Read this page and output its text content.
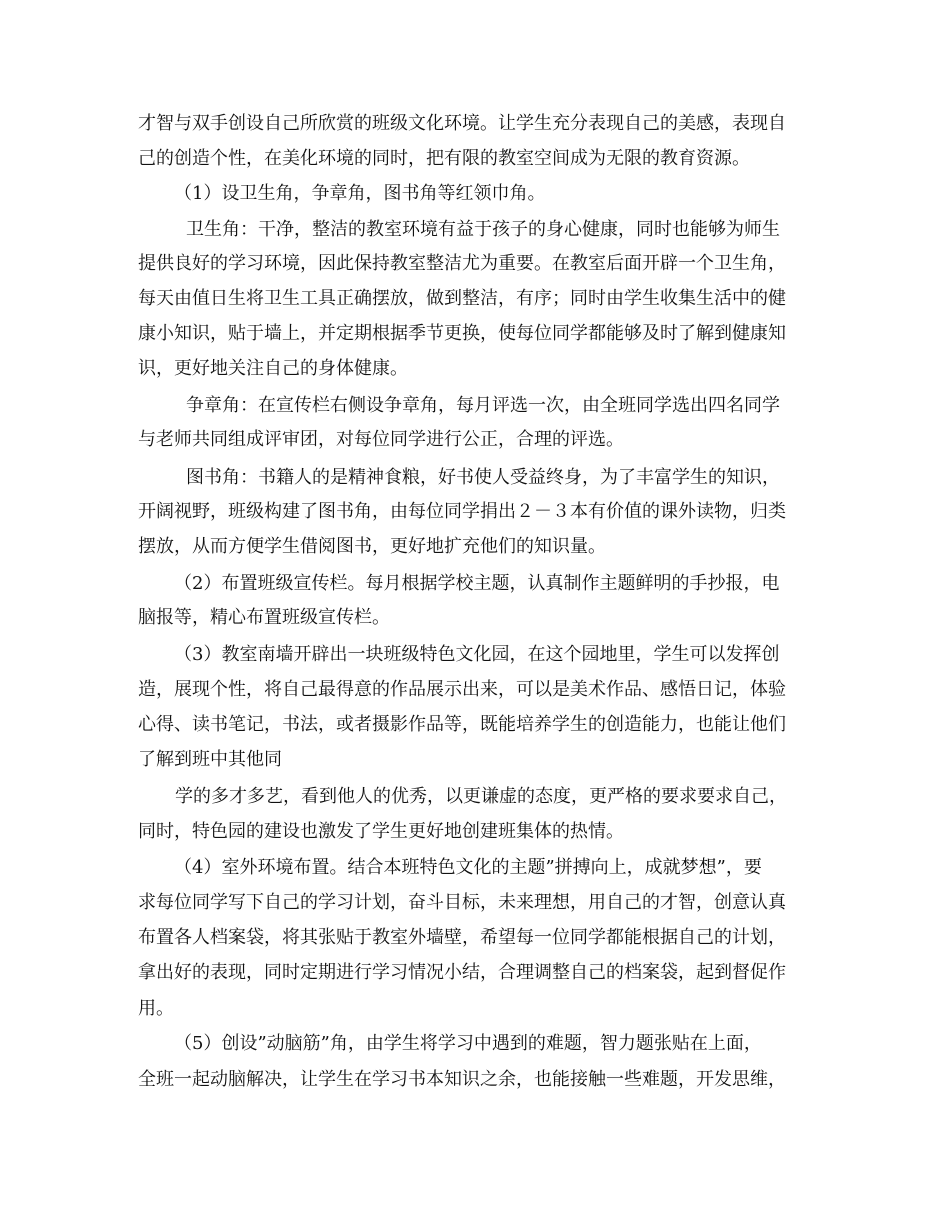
才智与双手创设自己所欣赏的班级文化环境。让学生充分表现自己的美感，表现自
己的创造个性，在美化环境的同时，把有限的教室空间成为无限的教育资源。
（1）设卫生角，争章角，图书角等红领巾角。
卫生角：干净，整洁的教室环境有益于孩子的身心健康，同时也能够为师生
提供良好的学习环境，因此保持教室整洁尤为重要。在教室后面开辟一个卫生角，
每天由值日生将卫生工具正确摆放，做到整洁，有序；同时由学生收集生活中的健
康小知识，贴于墙上，并定期根据季节更换，使每位同学都能够及时了解到健康知
识，更好地关注自己的身体健康。
争章角：在宣传栏右侧设争章角，每月评选一次，由全班同学选出四名同学
与老师共同组成评审团，对每位同学进行公正，合理的评选。
图书角：书籍人的是精神食粮，好书使人受益终身，为了丰富学生的知识，
开阔视野，班级构建了图书角，由每位同学捐出２－３本有价值的课外读物，归类
摆放，从而方便学生借阅图书，更好地扩充他们的知识量。
（2）布置班级宣传栏。每月根据学校主题，认真制作主题鲜明的手抄报，电
脑报等，精心布置班级宣传栏。
（3）教室南墙开辟出一块班级特色文化园，在这个园地里，学生可以发挥创
造，展现个性，将自己最得意的作品展示出来，可以是美术作品、感悟日记，体验
心得、读书笔记，书法，或者摄影作品等，既能培养学生的创造能力，也能让他们
了解到班中其他同
学的多才多艺，看到他人的优秀，以更谦虚的态度，更严格的要求要求自己，
同时，特色园的建设也激发了学生更好地创建班集体的热情。
（4）室外环境布置。结合本班特色文化的主题”拼搏向上，成就梦想”，要
求每位同学写下自己的学习计划，奋斗目标，未来理想，用自己的才智，创意认真
布置各人档案袋，将其张贴于教室外墙壁，希望每一位同学都能根据自己的计划，
拿出好的表现，同时定期进行学习情况小结，合理调整自己的档案袋，起到督促作
用。
（5）创设”动脑筋”角，由学生将学习中遇到的难题，智力题张贴在上面，
全班一起动脑解决，让学生在学习书本知识之余，也能接触一些难题，开发思维，
